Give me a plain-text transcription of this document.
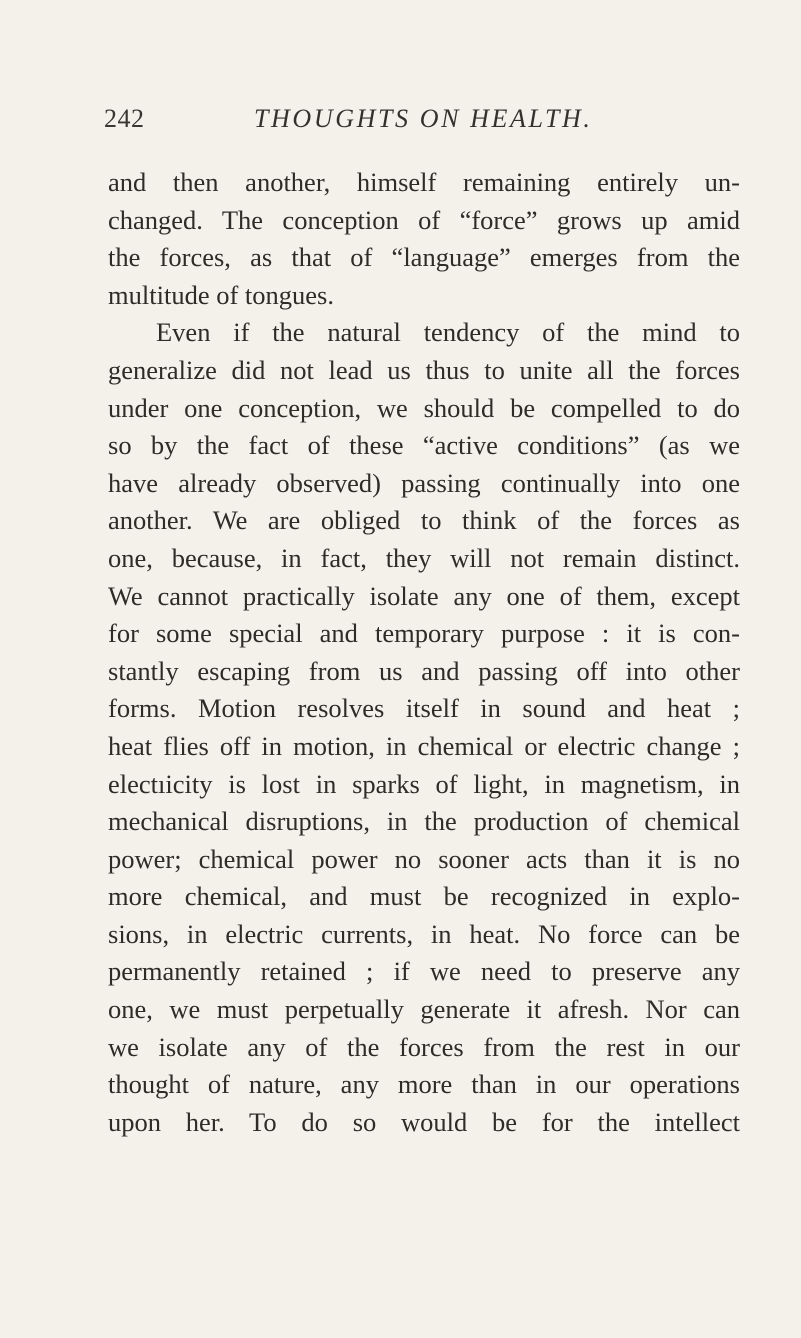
242	THOUGHTS ON HEALTH.
and then another, himself remaining entirely un-
changed. The conception of “force” grows up amid
the forces, as that of “language” emerges from the
multitude of tongues.
Even if the natural tendency of the mind to
generalize did not lead us thus to unite all the forces
under one conception, we should be compelled to do
so by the fact of these “active conditions” (as we
have already observed) passing continually into one
another. We are obliged to think of the forces as
one, because, in fact, they will not remain distinct.
We cannot practically isolate any one of them, except
for some special and temporary purpose : it is con-
stantly escaping from us and passing off into other
forms. Motion resolves itself in sound and heat ;
heat flies off in motion, in chemical or electric change ;
electıicity is lost in sparks of light, in magnetism, in
mechanical disruptions, in the production of chemical
power; chemical power no sooner acts than it is no
more chemical, and must be recognized in explo-
sions, in electric currents, in heat. No force can be
permanently retained ; if we need to preserve any
one, we must perpetually generate it afresh. Nor can
we isolate any of the forces from the rest in our
thought of nature, any more than in our operations
upon her. To do so would be for the intellect
